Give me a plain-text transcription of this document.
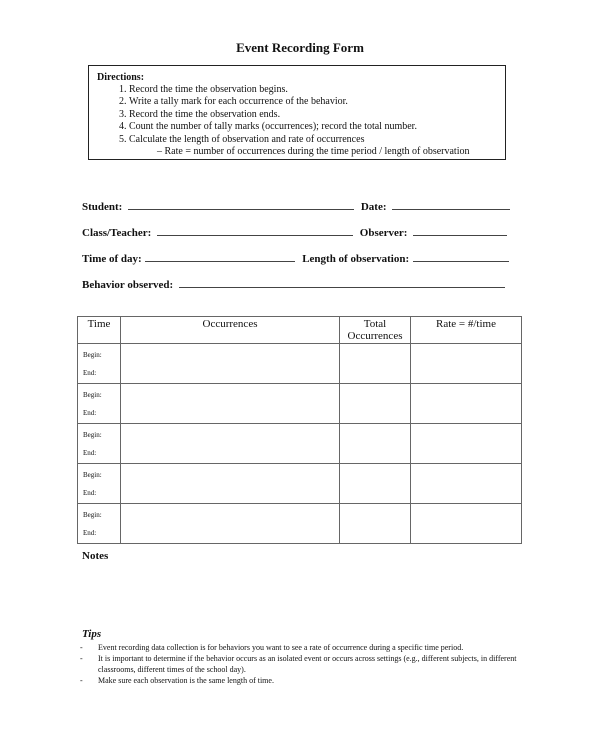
Event Recording Form
Directions:
1. Record the time the observation begins.
2. Write a tally mark for each occurrence of the behavior.
3. Record the time the observation ends.
4. Count the number of tally marks (occurrences); record the total number.
5. Calculate the length of observation and rate of occurrences
– Rate = number of occurrences during the time period / length of observation
Student:	Date:
Class/Teacher:	Observer:
Time of day:	Length of observation:
Behavior observed:
Time	Occurrences	Total Occurrences	Rate = #/time

Begin:
End:			

Begin:
End:			

Begin:
End:			

Begin:
End:			

Begin:
End:			

Notes
Tips
-	Event recording data collection is for behaviors you want to see a rate of occurrence during a specific time period.
-	It is important to determine if the behavior occurs as an isolated event or occurs across settings (e.g., different subjects, in different classrooms, different times of the school day).
-	Make sure each observation is the same length of time.
